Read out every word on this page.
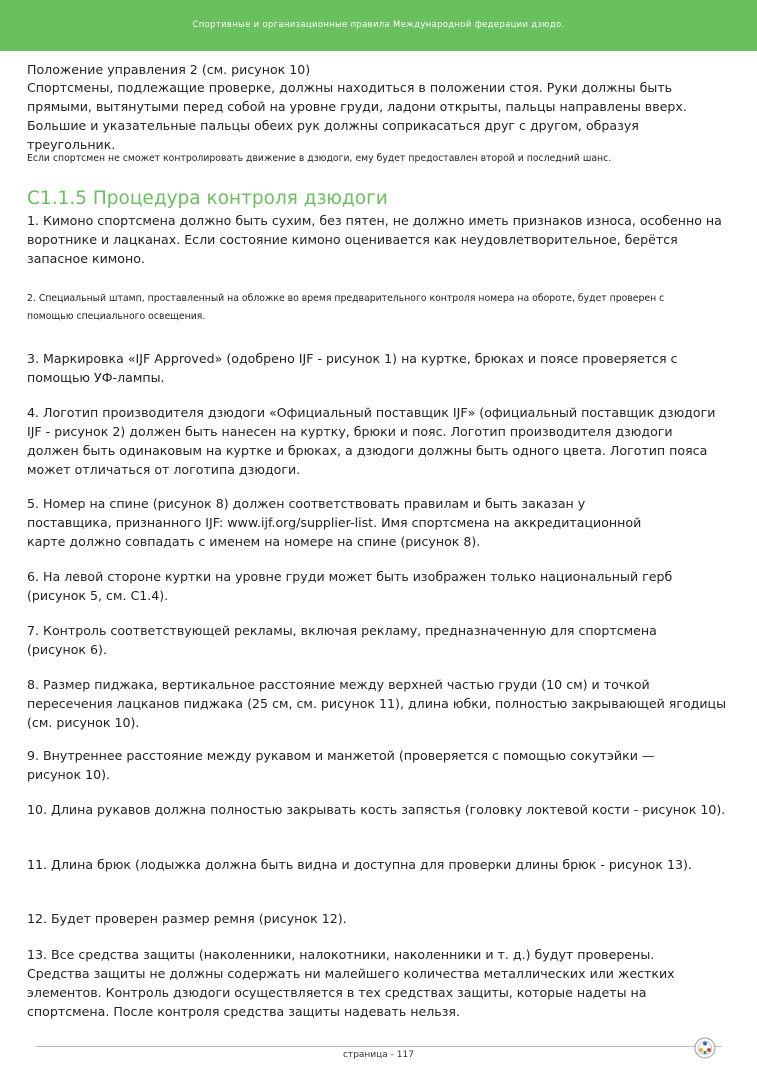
Спортивные и организационные правила Международной федерации дзюдо.

Положение управления 2 (см. рисунок 10)

Спортсмены, подлежащие проверке, должны находиться в положении стоя. Руки должны быть прямыми, вытянутыми перед собой на уровне груди, ладони открыты, пальцы направлены вверх. Большие и указательные пальцы обеих рук должны соприкасаться друг с другом, образуя треугольник.

Если спортсмен не сможет контролировать движение в дзюдоги, ему будет предоставлен второй и последний шанс.

C1.1.5 Процедура контроля дзюдоги

1. Кимоно спортсмена должно быть сухим, без пятен, не должно иметь признаков износа, особенно на воротнике и лацканах. Если состояние кимоно оценивается как неудовлетворительное, берётся запасное кимоно.

2. Специальный штамп, проставленный на обложке во время предварительного контроля номера на обороте, будет проверен с помощью специального освещения.

3. Маркировка «IJF Approved» (одобрено IJF - рисунок 1) на куртке, брюках и поясе проверяется с помощью УФ-лампы.

4. Логотип производителя дзюдоги «Официальный поставщик IJF» (официальный поставщик дзюдоги IJF - рисунок 2) должен быть нанесен на куртку, брюки и пояс. Логотип производителя дзюдоги должен быть одинаковым на куртке и брюках, а дзюдоги должны быть одного цвета. Логотип пояса может отличаться от логотипа дзюдоги.

5. Номер на спине (рисунок 8) должен соответствовать правилам и быть заказан у поставщика, признанного IJF: www.ijf.org/supplier-list. Имя спортсмена на аккредитационной карте должно совпадать с именем на номере на спине (рисунок 8).

6. На левой стороне куртки на уровне груди может быть изображен только национальный герб (рисунок 5, см. C1.4).

7. Контроль соответствующей рекламы, включая рекламу, предназначенную для спортсмена (рисунок 6).

8. Размер пиджака, вертикальное расстояние между верхней частью груди (10 см) и точкой пересечения лацканов пиджака (25 см, см. рисунок 11), длина юбки, полностью закрывающей ягодицы (см. рисунок 10).

9. Внутреннее расстояние между рукавом и манжетой (проверяется с помощью сокутэйки — рисунок 10).

10. Длина рукавов должна полностью закрывать кость запястья (головку локтевой кости - рисунок 10).

11. Длина брюк (лодыжка должна быть видна и доступна для проверки длины брюк - рисунок 13).

12. Будет проверен размер ремня (рисунок 12).

13. Все средства защиты (наколенники, налокотники, наколенники и т. д.) будут проверены. Средства защиты не должны содержать ни малейшего количества металлических или жестких элементов. Контроль дзюдоги осуществляется в тех средствах защиты, которые надеты на спортсмена. После контроля средства защиты надевать нельзя.

страница - 117
